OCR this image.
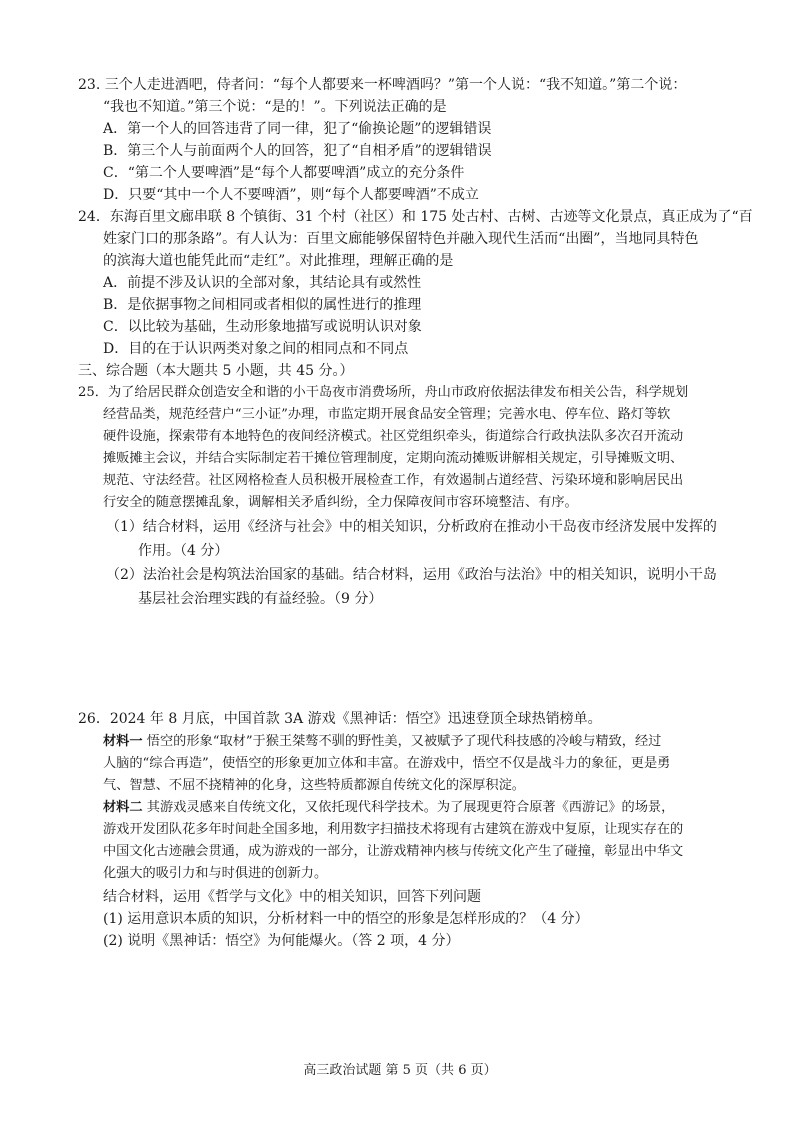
23. 三个人走进酒吧，侍者问：“每个人都要来一杯啤酒吗？”第一个人说：“我不知道。”第二个说：
“我也不知道。”第三个说：“是的！”。下列说法正确的是
A．第一个人的回答违背了同一律，犯了“偷换论题”的逻辑错误
B．第三个人与前面两个人的回答，犯了“自相矛盾”的逻辑错误
C．“第二个人要啤酒”是“每个人都要啤酒”成立的充分条件
D．只要“其中一个人不要啤酒”，则“每个人都要啤酒”不成立
24．东海百里文廊串联 8 个镇街、31 个村（社区）和 175 处古村、古树、古迹等文化景点，真正成为了“百
姓家门口的那条路”。有人认为：百里文廊能够保留特色并融入现代生活而“出圈”，当地同具特色
的滨海大道也能凭此而“走红”。对此推理，理解正确的是
A．前提不涉及认识的全部对象，其结论具有或然性
B．是依据事物之间相同或者相似的属性进行的推理
C．以比较为基础，生动形象地描写或说明认识对象
D．目的在于认识两类对象之间的相同点和不同点
三、综合题（本大题共 5 小题，共 45 分。）
25．为了给居民群众创造安全和谐的小干岛夜市消费场所，舟山市政府依据法律发布相关公告，科学规划
经营品类，规范经营户“三小证”办理，市监定期开展食品安全管理；完善水电、停车位、路灯等软
硬件设施，探索带有本地特色的夜间经济模式。社区党组织牵头，街道综合行政执法队多次召开流动
摊贩摊主会议，并结合实际制定若干摊位管理制度，定期向流动摊贩讲解相关规定，引导摊贩文明、
规范、守法经营。社区网格检查人员积极开展检查工作，有效遏制占道经营、污染环境和影响居民出
行安全的随意摆摊乱象，调解相关矛盾纠纷，全力保障夜间市容环境整洁、有序。
（1）结合材料，运用《经济与社会》中的相关知识，分析政府在推动小干岛夜市经济发展中发挥的
作用。（4 分）
（2）法治社会是构筑法治国家的基础。结合材料，运用《政治与法治》中的相关知识，说明小干岛
基层社会治理实践的有益经验。（9 分）
26．2024 年 8 月底，中国首款 3A 游戏《黑神话：悟空》迅速登顶全球热销榜单。
材料一 悟空的形象“取材”于猴王桀骜不驯的野性美，又被赋予了现代科技感的冷峻与精致，经过
人脑的“综合再造”，使悟空的形象更加立体和丰富。在游戏中，悟空不仅是战斗力的象征，更是勇
气、智慧、不屈不挠精神的化身，这些特质都源自传统文化的深厚积淀。
材料二 其游戏灵感来自传统文化，又依托现代科学技术。为了展现更符合原著《西游记》的场景，
游戏开发团队花多年时间赴全国多地，利用数字扫描技术将现有古建筑在游戏中复原，让现实存在的
中国文化古迹融会贯通，成为游戏的一部分，让游戏精神内核与传统文化产生了碰撞，彰显出中华文
化强大的吸引力和与时俱进的创新力。
结合材料，运用《哲学与文化》中的相关知识，回答下列问题
(1) 运用意识本质的知识，分析材料一中的悟空的形象是怎样形成的？（4 分）
(2) 说明《黑神话：悟空》为何能爆火。（答 2 项，4 分）
高三政治试题 第 5 页（共 6 页）
